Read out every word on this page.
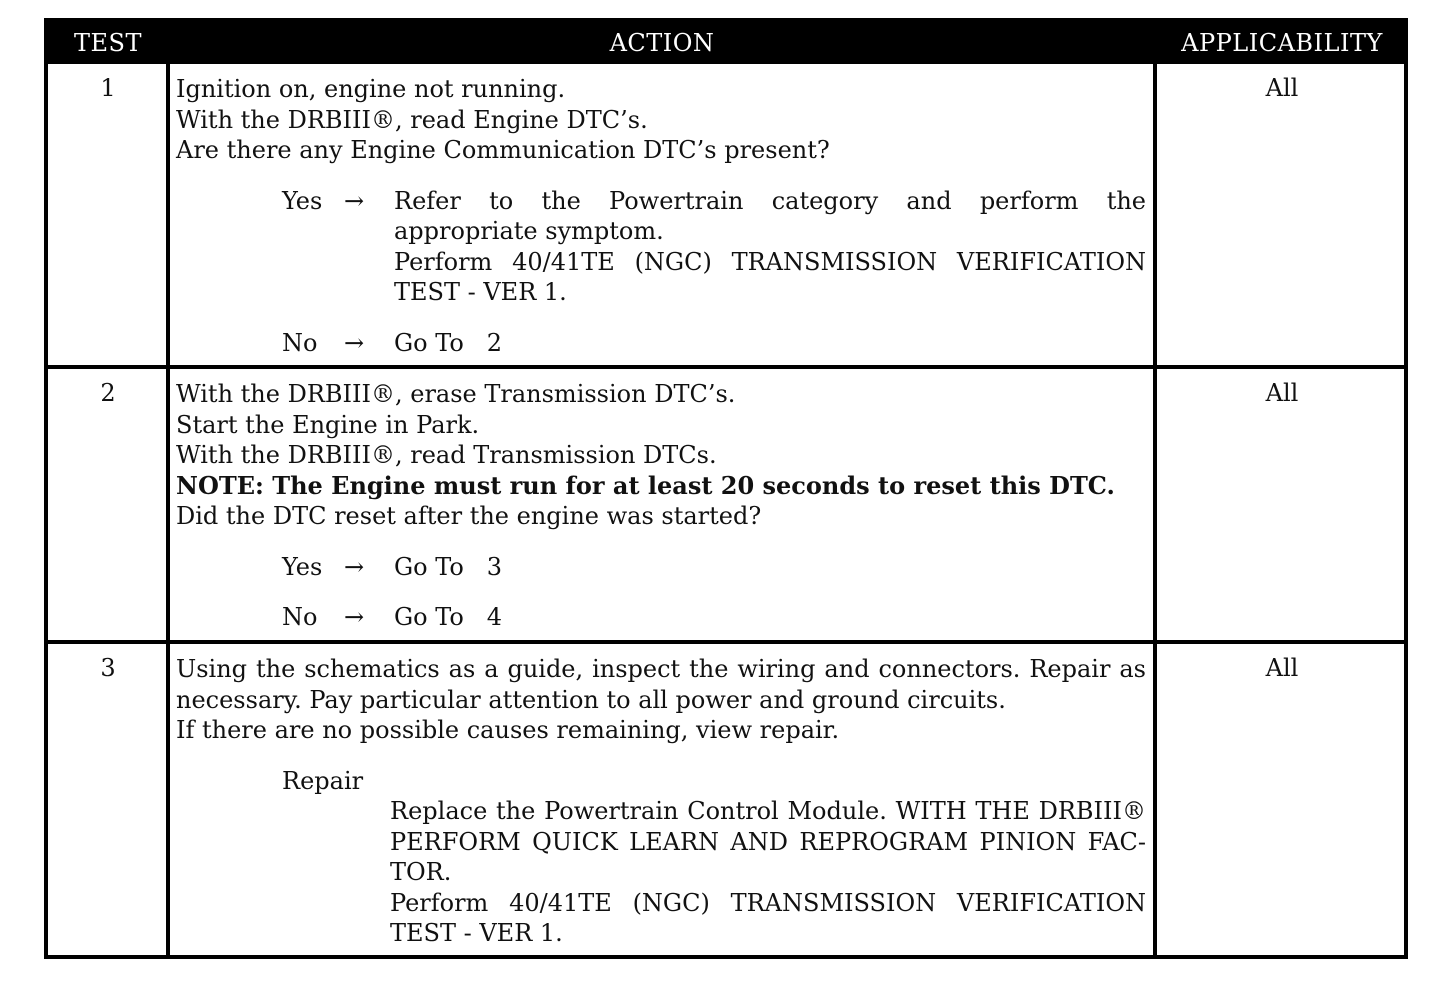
TEST	ACTION	APPLICABILITY
1	Ignition on, engine not running.

With the DRBIII®, read Engine DTC’s.

Are there any Engine Communication DTC’s present?

Yes → Refer to the Powertrain category and perform the appropriate symptom.
Perform 40/41TE (NGC) TRANSMISSION VERIFICATION TEST - VER 1.
No → Go To   2
All
2	With the DRBIII®, erase Transmission DTC’s.

Start the Engine in Park.

With the DRBIII®, read Transmission DTCs.

NOTE: The Engine must run for at least 20 seconds to reset this DTC.

Did the DTC reset after the engine was started?

Yes → Go To   3
No → Go To   4
All
3	Using the schematics as a guide, inspect the wiring and connectors. Repair as necessary. Pay particular attention to all power and ground circuits.

If there are no possible causes remaining, view repair.

Repair
Replace the Powertrain Control Module. WITH THE DRBIII® PERFORM QUICK LEARN AND REPROGRAM PINION FAC-TOR.
Perform 40/41TE (NGC) TRANSMISSION VERIFICATION TEST - VER 1.
All
